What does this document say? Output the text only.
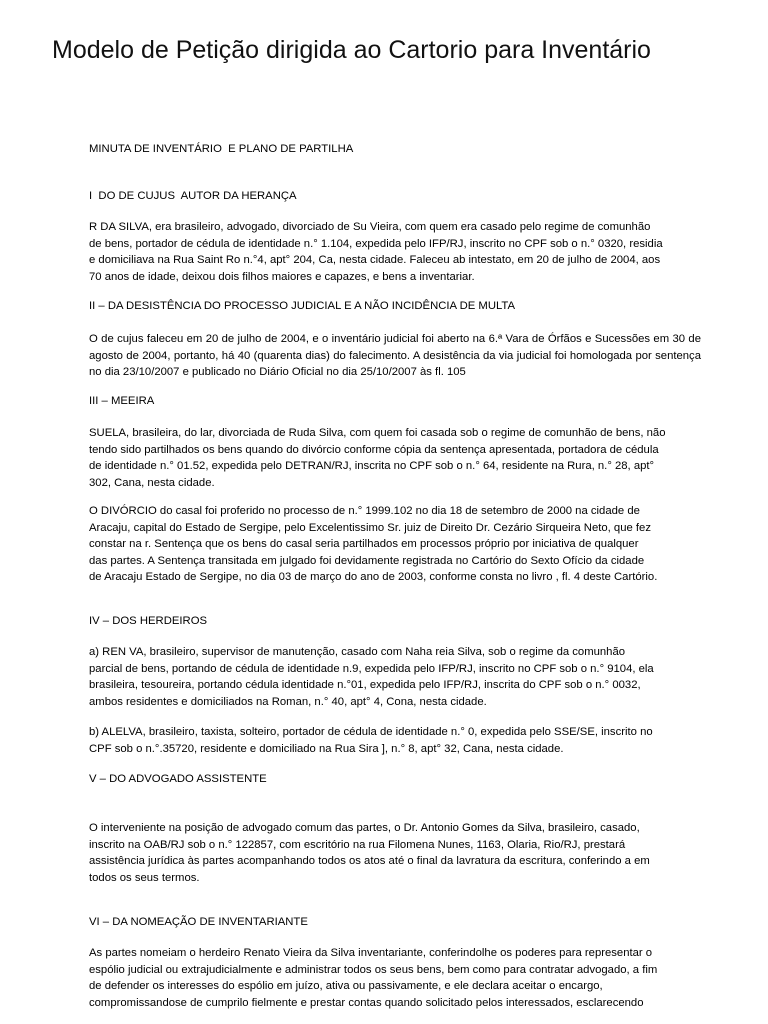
Modelo de Petição dirigida ao Cartorio para Inventário

MINUTA DE INVENTÁRIO  E PLANO DE PARTILHA

I  DO DE CUJUS  AUTOR DA HERANÇA

R DA SILVA, era brasileiro, advogado, divorciado de Su Vieira, com quem era casado pelo regime de comunhão
de bens, portador de cédula de identidade n.° 1.104, expedida pelo IFP/RJ, inscrito no CPF sob o n.° 0320, residia
e domiciliava na Rua Saint Ro n.°4, apt° 204, Ca, nesta cidade. Faleceu ab intestato, em 20 de julho de 2004, aos
70 anos de idade, deixou dois filhos maiores e capazes, e bens a inventariar.

II – DA DESISTÊNCIA DO PROCESSO JUDICIAL E A NÃO INCIDÊNCIA DE MULTA

O de cujus faleceu em 20 de julho de 2004, e o inventário judicial foi aberto na 6.ª Vara de Órfãos e Sucessões em 30 de agosto de 2004, portanto, há 40 (quarenta dias) do falecimento. A desistência da via judicial foi homologada por sentença no dia 23/10/2007 e publicado no Diário Oficial no dia 25/10/2007 às fl. 105

III – MEEIRA

SUELA, brasileira, do lar, divorciada de Ruda Silva, com quem foi casada sob o regime de comunhão de bens, não
tendo sido partilhados os bens quando do divórcio conforme cópia da sentença apresentada, portadora de cédula
de identidade n.° 01.52, expedida pelo DETRAN/RJ, inscrita no CPF sob o n.° 64, residente na Rura, n.° 28, apt°
302, Cana, nesta cidade.
O DIVÓRCIO do casal foi proferido no processo de n.° 1999.102 no dia 18 de setembro de 2000 na cidade de
Aracaju, capital do Estado de Sergipe, pelo Excelentissimo Sr. juiz de Direito Dr. Cezário Sirqueira Neto, que fez
constar na r. Sentença que os bens do casal seria partilhados em processos próprio por iniciativa de qualquer
das partes. A Sentença transitada em julgado foi devidamente registrada no Cartório do Sexto Ofício da cidade
de Aracaju Estado de Sergipe, no dia 03 de março do ano de 2003, conforme consta no livro , fl. 4 deste Cartório.

IV – DOS HERDEIROS

a) REN VA, brasileiro, supervisor de manutenção, casado com Naha reia Silva, sob o regime da comunhão
parcial de bens, portando de cédula de identidade n.9, expedida pelo IFP/RJ, inscrito no CPF sob o n.° 9104, ela
brasileira, tesoureira, portando cédula identidade n.°01, expedida pelo IFP/RJ, inscrita do CPF sob o n.° 0032,
ambos residentes e domiciliados na Roman, n.° 40, apt° 4, Cona, nesta cidade.
b) ALELVA, brasileiro, taxista, solteiro, portador de cédula de identidade n.° 0, expedida pelo SSE/SE, inscrito no
CPF sob o n.°.35720, residente e domiciliado na Rua Sira ], n.° 8, apt° 32, Cana, nesta cidade.

V – DO ADVOGADO ASSISTENTE

O interveniente na posição de advogado comum das partes, o Dr. Antonio Gomes da Silva, brasileiro, casado,
inscrito na OAB/RJ sob o n.° 122857, com escritório na rua Filomena Nunes, 1163, Olaria, Rio/RJ, prestará
assistência jurídica às partes acompanhando todos os atos até o final da lavratura da escritura, conferindo a em
todos os seus termos.

VI – DA NOMEAÇÃO DE INVENTARIANTE

As partes nomeiam o herdeiro Renato Vieira da Silva inventariante, conferindolhe os poderes para representar o
espólio judicial ou extrajudicialmente e administrar todos os seus bens, bem como para contratar advogado, a fim
de defender os interesses do espólio em juízo, ativa ou passivamente, e ele declara aceitar o encargo,
compromissandose de cumprilo fielmente e prestar contas quando solicitado pelos interessados, esclarecendo
